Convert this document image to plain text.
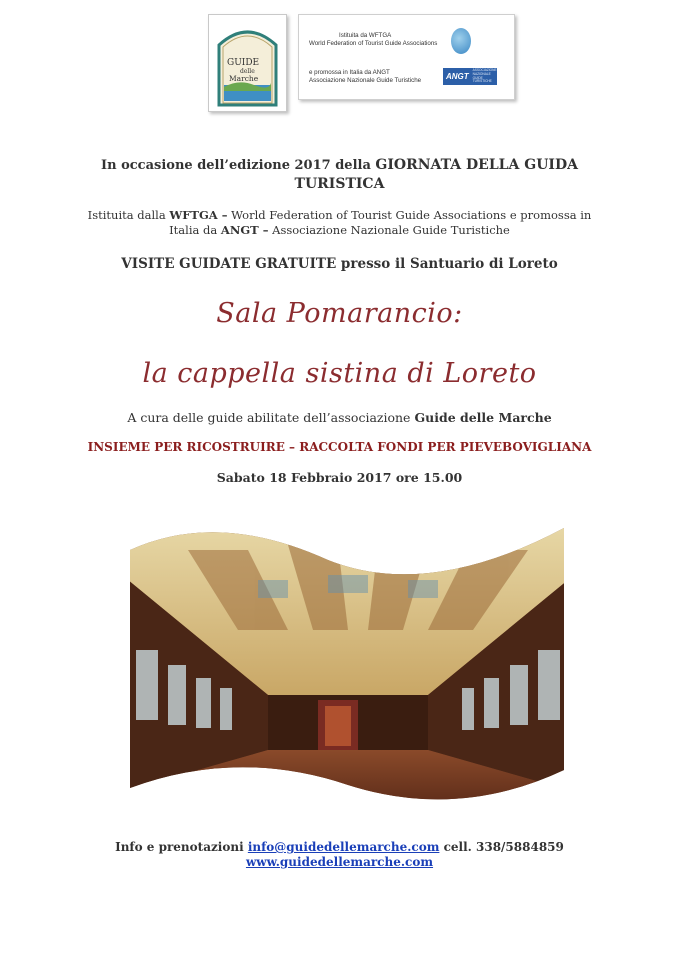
GUIDE
delle
Marche
Istituita da WFTGA
World Federation of Tourist Guide Associations
e promossa in Italia da ANGT
Associazione Nazionale Guide Turistiche	ANGT
ASSOCIAZIONE NAZIONALE GUIDE TURISTICHE
In occasione dell’edizione 2017 della GIORNATA DELLA GUIDA
TURISTICA
Istituita dalla WFTGA – World Federation of Tourist Guide Associations e promossa in
Italia da ANGT – Associazione Nazionale Guide Turistiche
VISITE GUIDATE GRATUITE presso il Santuario di Loreto
Sala Pomarancio:
la cappella sistina di Loreto
A cura delle guide abilitate dell’associazione Guide delle Marche
INSIEME PER RICOSTRUIRE – RACCOLTA FONDI PER PIEVEBOVIGLIANA
Sabato 18 Febbraio 2017 ore 15.00
Info e prenotazioni info@guidedellemarche.com cell. 338/5884859
www.guidedellemarche.com
